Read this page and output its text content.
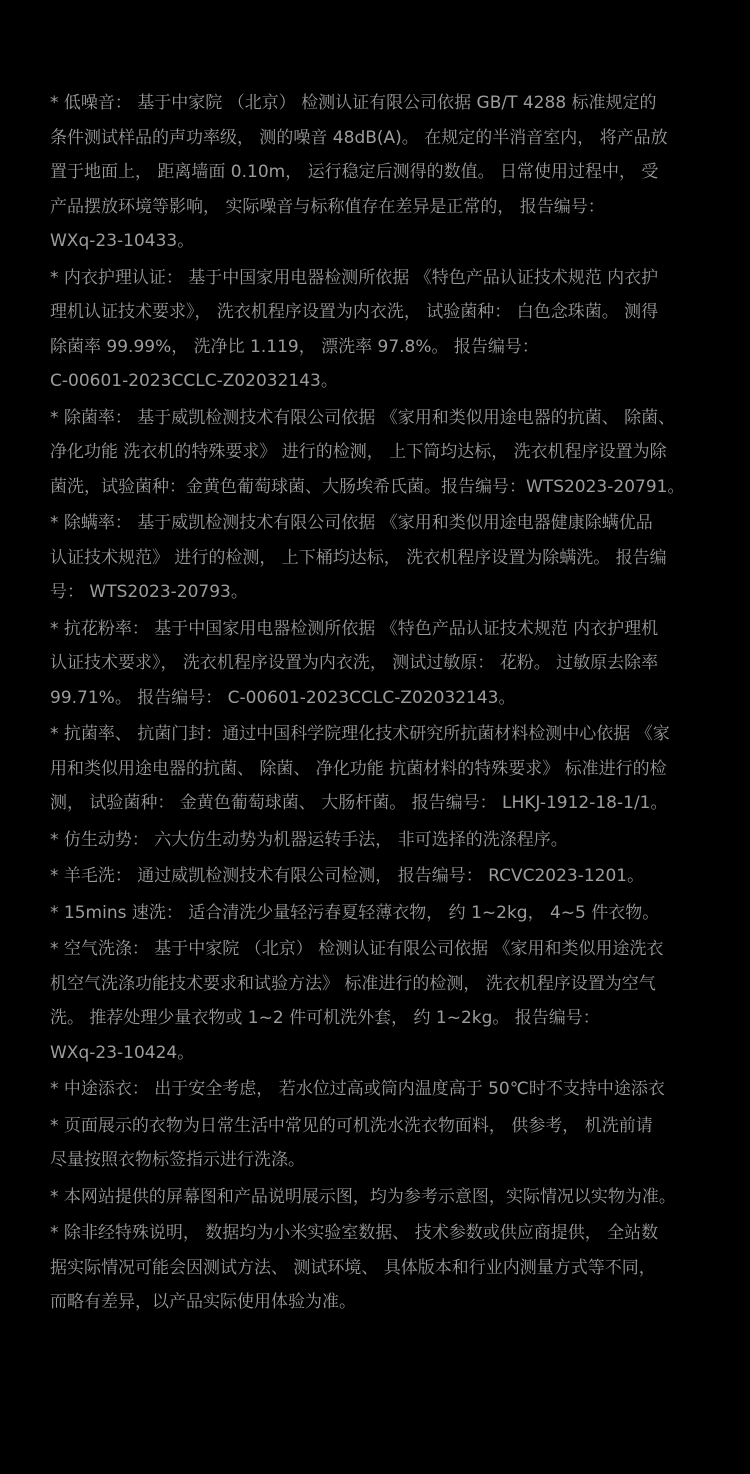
* 低噪音： 基于中家院 （北京） 检测认证有限公司依据 GB/T 4288 标准规定的
条件测试样品的声功率级， 测的噪音 48dB(A)。 在规定的半消音室内， 将产品放
置于地面上， 距离墙面 0.10m， 运行稳定后测得的数值。 日常使用过程中， 受
产品摆放环境等影响， 实际噪音与标称值存在差异是正常的， 报告编号：
WXq-23-10433。

* 内衣护理认证： 基于中国家用电器检测所依据 《特色产品认证技术规范 内衣护
理机认证技术要求》， 洗衣机程序设置为内衣洗， 试验菌种： 白色念珠菌。 测得
除菌率 99.99%， 洗净比 1.119， 漂洗率 97.8%。 报告编号：
C-00601-2023CCLC-Z02032143。

* 除菌率： 基于威凯检测技术有限公司依据 《家用和类似用途电器的抗菌、 除菌、
净化功能 洗衣机的特殊要求》 进行的检测， 上下筒均达标， 洗衣机程序设置为除
菌洗，试验菌种：金黄色葡萄球菌、大肠埃希氏菌。报告编号：WTS2023-20791。

* 除螨率： 基于威凯检测技术有限公司依据 《家用和类似用途电器健康除螨优品
认证技术规范》 进行的检测， 上下桶均达标， 洗衣机程序设置为除螨洗。 报告编
号： WTS2023-20793。

* 抗花粉率： 基于中国家用电器检测所依据 《特色产品认证技术规范 内衣护理机
认证技术要求》， 洗衣机程序设置为内衣洗， 测试过敏原： 花粉。 过敏原去除率
99.71%。 报告编号： C-00601-2023CCLC-Z02032143。

* 抗菌率、 抗菌门封：通过中国科学院理化技术研究所抗菌材料检测中心依据 《家
用和类似用途电器的抗菌、 除菌、 净化功能 抗菌材料的特殊要求》 标准进行的检
测， 试验菌种： 金黄色葡萄球菌、 大肠杆菌。 报告编号： LHKJ-1912-18-1/1。

* 仿生动势： 六大仿生动势为机器运转手法， 非可选择的洗涤程序。

* 羊毛洗： 通过威凯检测技术有限公司检测， 报告编号： RCVC2023-1201。

* 15mins 速洗： 适合清洗少量轻污春夏轻薄衣物， 约 1~2kg， 4~5 件衣物。

* 空气洗涤： 基于中家院 （北京） 检测认证有限公司依据 《家用和类似用途洗衣
机空气洗涤功能技术要求和试验方法》 标准进行的检测， 洗衣机程序设置为空气
洗。 推荐处理少量衣物或 1~2 件可机洗外套， 约 1~2kg。 报告编号：
WXq-23-10424。

* 中途添衣： 出于安全考虑， 若水位过高或筒内温度高于 50℃时不支持中途添衣

* 页面展示的衣物为日常生活中常见的可机洗水洗衣物面料， 供参考， 机洗前请
尽量按照衣物标签指示进行洗涤。

* 本网站提供的屏幕图和产品说明展示图，均为参考示意图，实际情况以实物为准。

* 除非经特殊说明， 数据均为小米实验室数据、 技术参数或供应商提供， 全站数
据实际情况可能会因测试方法、 测试环境、 具体版本和行业内测量方式等不同，
而略有差异，以产品实际使用体验为准。
